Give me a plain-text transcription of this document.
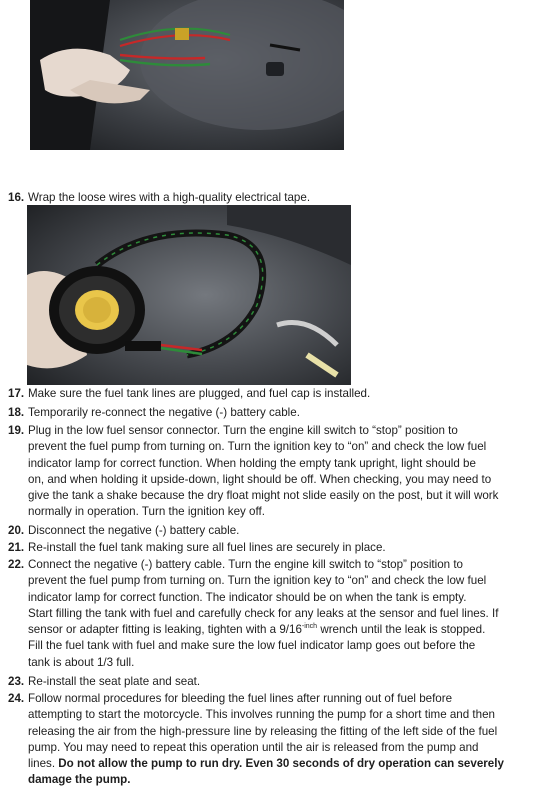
16. Wrap the loose wires with a high-quality electrical tape.
17. Make sure the fuel tank lines are plugged, and fuel cap is installed.
18. Temporarily re-connect the negative (-) battery cable.
19. Plug in the low fuel sensor connector. Turn the engine kill switch to “stop” position to
prevent the fuel pump from turning on. Turn the ignition key to “on” and check the low fuel
indicator lamp for correct function. When holding the empty tank upright, light should be
on, and when holding it upside-down, light should be off. When checking, you may need to
give the tank a shake because the dry float might not slide easily on the post, but it will work
normally in operation. Turn the ignition key off.
20. Disconnect the negative (-) battery cable.
21. Re-install the fuel tank making sure all fuel lines are securely in place.
22. Connect the negative (-) battery cable. Turn the engine kill switch to “stop” position to
prevent the fuel pump from turning on. Turn the ignition key to “on” and check the low fuel
indicator lamp for correct function. The indicator should be on when the tank is empty.
Start filling the tank with fuel and carefully check for any leaks at the sensor and fuel lines. If
sensor or adapter fitting is leaking, tighten with a $9/16^{-inch}$ wrench until the leak is stopped.
Fill the fuel tank with fuel and make sure the low fuel indicator lamp goes out before the
tank is about 1/3 full.
23. Re-install the seat plate and seat.
24. Follow normal procedures for bleeding the fuel lines after running out of fuel before
attempting to start the motorcycle. This involves running the pump for a short time and then
releasing the air from the high-pressure line by releasing the fitting of the left side of the fuel
pump. You may need to repeat this operation until the air is released from the pump and
lines. Do not allow the pump to run dry. Even 30 seconds of dry operation can severely
damage the pump.
